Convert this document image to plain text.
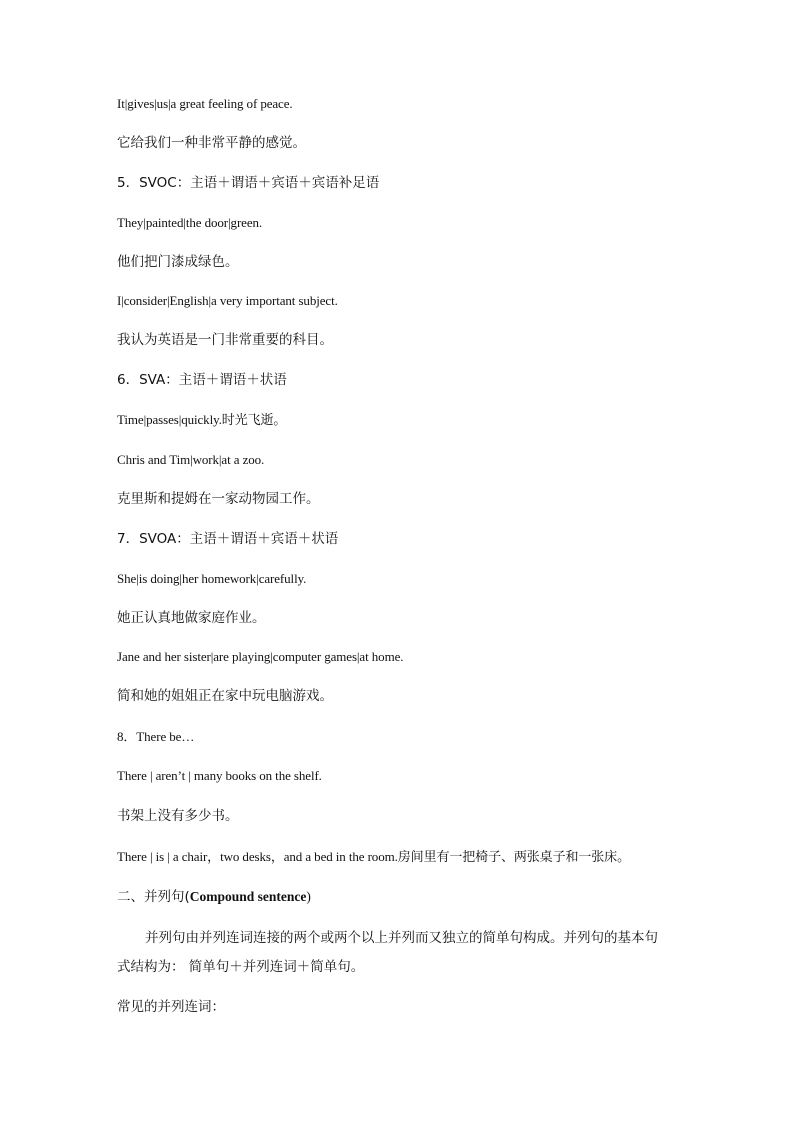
It|gives|us|a great feeling of peace.
它给我们一种非常平静的感觉。
5．SVOC：主语＋谓语＋宾语＋宾语补足语
They|painted|the door|green.
他们把门漆成绿色。
I|consider|English|a very important subject.
我认为英语是一门非常重要的科目。
6．SVA：主语＋谓语＋状语
Time|passes|quickly.时光飞逝。
Chris and Tim|work|at a zoo.
克里斯和提姆在一家动物园工作。
7．SVOA：主语＋谓语＋宾语＋状语
She|is doing|her homework|carefully.
她正认真地做家庭作业。
Jane and her sister|are playing|computer games|at home.
简和她的姐姐正在家中玩电脑游戏。
8．There be…
There | aren’t | many books on the shelf.
书架上没有多少书。
There | is | a chair，two desks，and a bed in the room.房间里有一把椅子、两张桌子和一张床。
二、并列句(Compound sentence)
并列句由并列连词连接的两个或两个以上并列而又独立的简单句构成。并列句的基本句
式结构为： 简单句＋并列连词＋简单句。
常见的并列连词：
